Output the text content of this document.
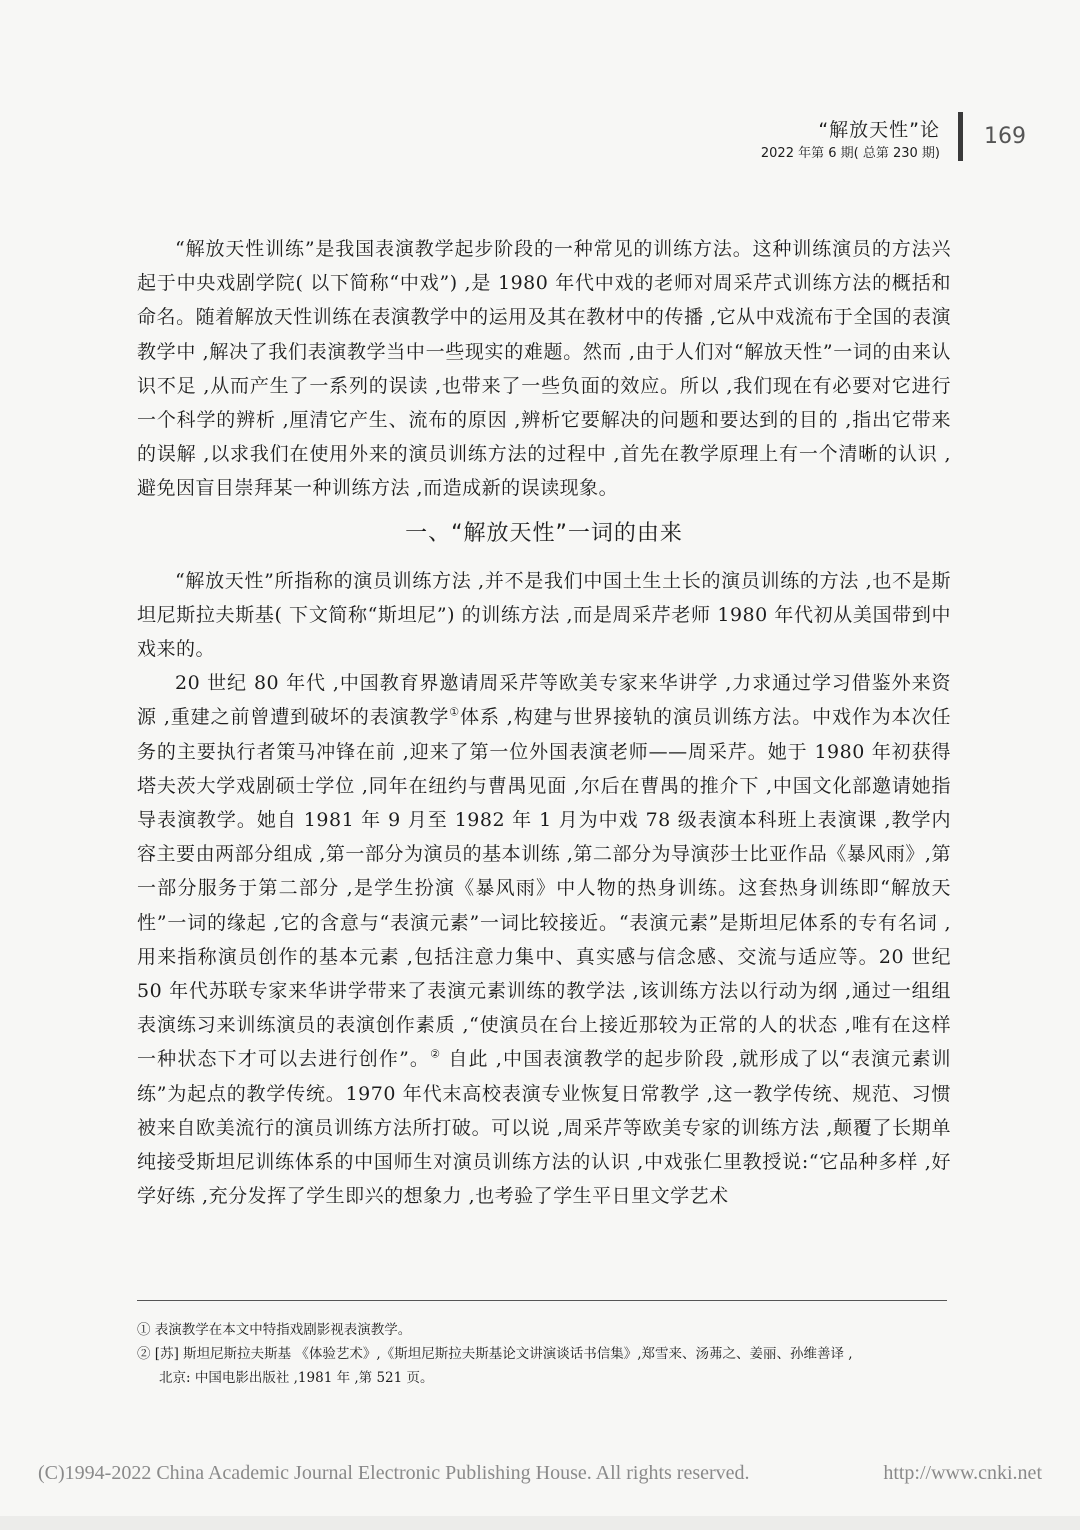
“解放天性”论
2022 年第 6 期( 总第 230 期)
169

“解放天性训练”是我国表演教学起步阶段的一种常见的训练方法。这种训练演员的方法兴起于中央戏剧学院( 以下简称“中戏”) ,是 1980 年代中戏的老师对周采芹式训练方法的概括和命名。随着解放天性训练在表演教学中的运用及其在教材中的传播 ,它从中戏流布于全国的表演教学中 ,解决了我们表演教学当中一些现实的难题。然而 ,由于人们对“解放天性”一词的由来认识不足 ,从而产生了一系列的误读 ,也带来了一些负面的效应。所以 ,我们现在有必要对它进行一个科学的辨析 ,厘清它产生、流布的原因 ,辨析它要解决的问题和要达到的目的 ,指出它带来的误解 ,以求我们在使用外来的演员训练方法的过程中 ,首先在教学原理上有一个清晰的认识 ,避免因盲目崇拜某一种训练方法 ,而造成新的误读现象。

一、“解放天性”一词的由来

“解放天性”所指称的演员训练方法 ,并不是我们中国土生土长的演员训练的方法 ,也不是斯坦尼斯拉夫斯基( 下文简称“斯坦尼”) 的训练方法 ,而是周采芹老师 1980 年代初从美国带到中戏来的。

20 世纪 80 年代 ,中国教育界邀请周采芹等欧美专家来华讲学 ,力求通过学习借鉴外来资源 ,重建之前曾遭到破坏的表演教学①体系 ,构建与世界接轨的演员训练方法。中戏作为本次任务的主要执行者策马冲锋在前 ,迎来了第一位外国表演老师——周采芹。她于 1980 年初获得塔夫茨大学戏剧硕士学位 ,同年在纽约与曹禺见面 ,尔后在曹禺的推介下 ,中国文化部邀请她指导表演教学。她自 1981 年 9 月至 1982 年 1 月为中戏 78 级表演本科班上表演课 ,教学内容主要由两部分组成 ,第一部分为演员的基本训练 ,第二部分为导演莎士比亚作品《暴风雨》,第一部分服务于第二部分 ,是学生扮演《暴风雨》中人物的热身训练。这套热身训练即“解放天性”一词的缘起 ,它的含意与“表演元素”一词比较接近。“表演元素”是斯坦尼体系的专有名词 ,用来指称演员创作的基本元素 ,包括注意力集中、真实感与信念感、交流与适应等。20 世纪 50 年代苏联专家来华讲学带来了表演元素训练的教学法 ,该训练方法以行动为纲 ,通过一组组表演练习来训练演员的表演创作素质 ,“使演员在台上接近那较为正常的人的状态 ,唯有在这样一种状态下才可以去进行创作”。② 自此 ,中国表演教学的起步阶段 ,就形成了以“表演元素训练”为起点的教学传统。1970 年代末高校表演专业恢复日常教学 ,这一教学传统、规范、习惯被来自欧美流行的演员训练方法所打破。可以说 ,周采芹等欧美专家的训练方法 ,颠覆了长期单纯接受斯坦尼训练体系的中国师生对演员训练方法的认识 ,中戏张仁里教授说:“它品种多样 ,好学好练 ,充分发挥了学生即兴的想象力 ,也考验了学生平日里文学艺术

① 表演教学在本文中特指戏剧影视表演教学。

② [苏] 斯坦尼斯拉夫斯基 《体验艺术》,《斯坦尼斯拉夫斯基论文讲演谈话书信集》,郑雪来、汤茀之、姜丽、孙维善译 ,
北京: 中国电影出版社 ,1981 年 ,第 521 页。

(C)1994-2022 China Academic Journal Electronic Publishing House. All rights reserved.	http://www.cnki.net
